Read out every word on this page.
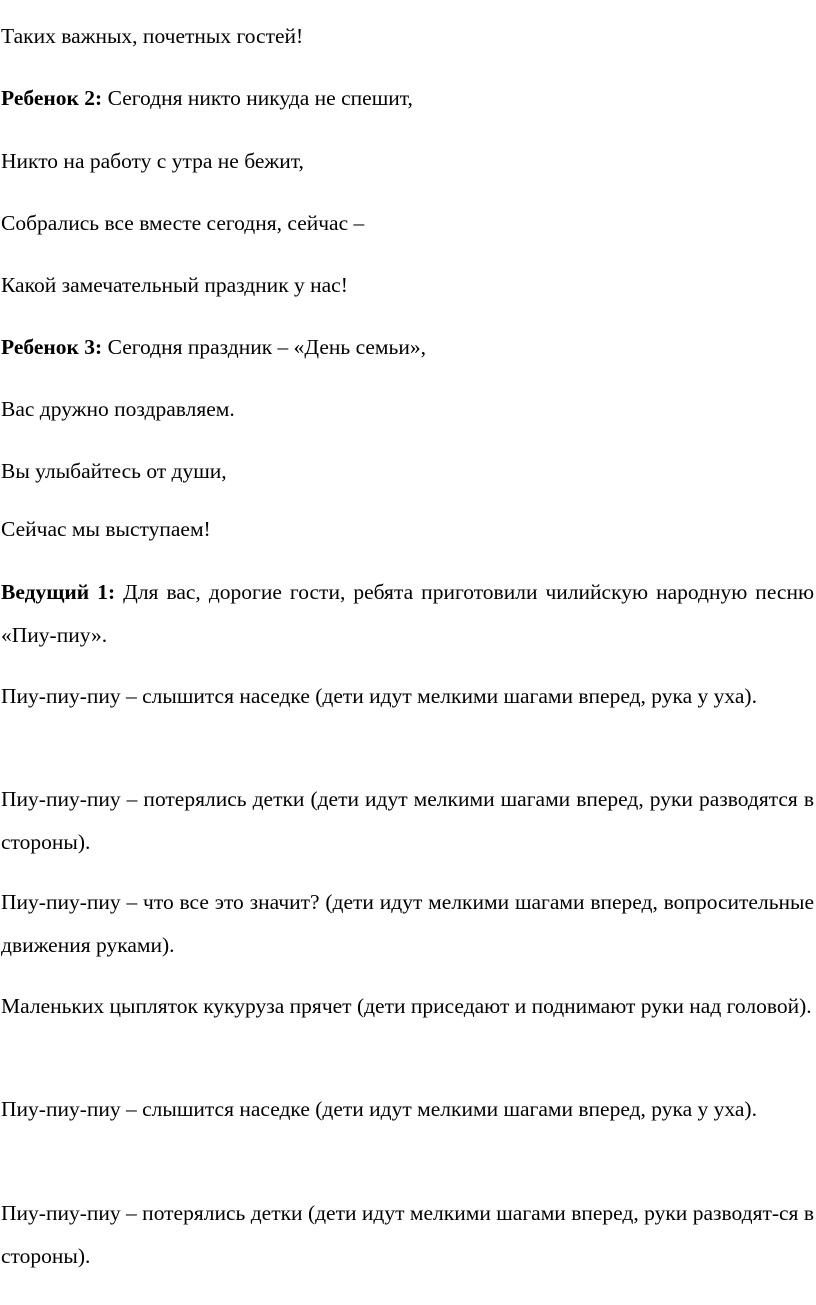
Таких важных, почетных гостей!

Ребенок 2: Сегодня никто никуда не спешит,

Никто на работу с утра не бежит,

Собрались все вместе сегодня, сейчас –

Какой замечательный праздник у нас!

Ребенок 3: Сегодня праздник – «День семьи»,

Вас дружно поздравляем.

Вы улыбайтесь от души,

Сейчас мы выступаем!

Ведущий 1: Для вас, дорогие гости, ребята приготовили чилийскую народную песню «Пиу-пиу».

Пиу-пиу-пиу – слышится наседке (дети идут мелкими шагами вперед, рука у уха).

Пиу-пиу-пиу – потерялись детки (дети идут мелкими шагами вперед, руки разводятся в стороны).

Пиу-пиу-пиу – что все это значит? (дети идут мелкими шагами вперед, вопросительные движения руками).

Маленьких цыпляток кукуруза прячет (дети приседают и поднимают руки над головой).

Пиу-пиу-пиу – слышится наседке (дети идут мелкими шагами вперед, рука у уха).

Пиу-пиу-пиу – потерялись детки (дети идут мелкими шагами вперед, руки разводят-ся в стороны).
